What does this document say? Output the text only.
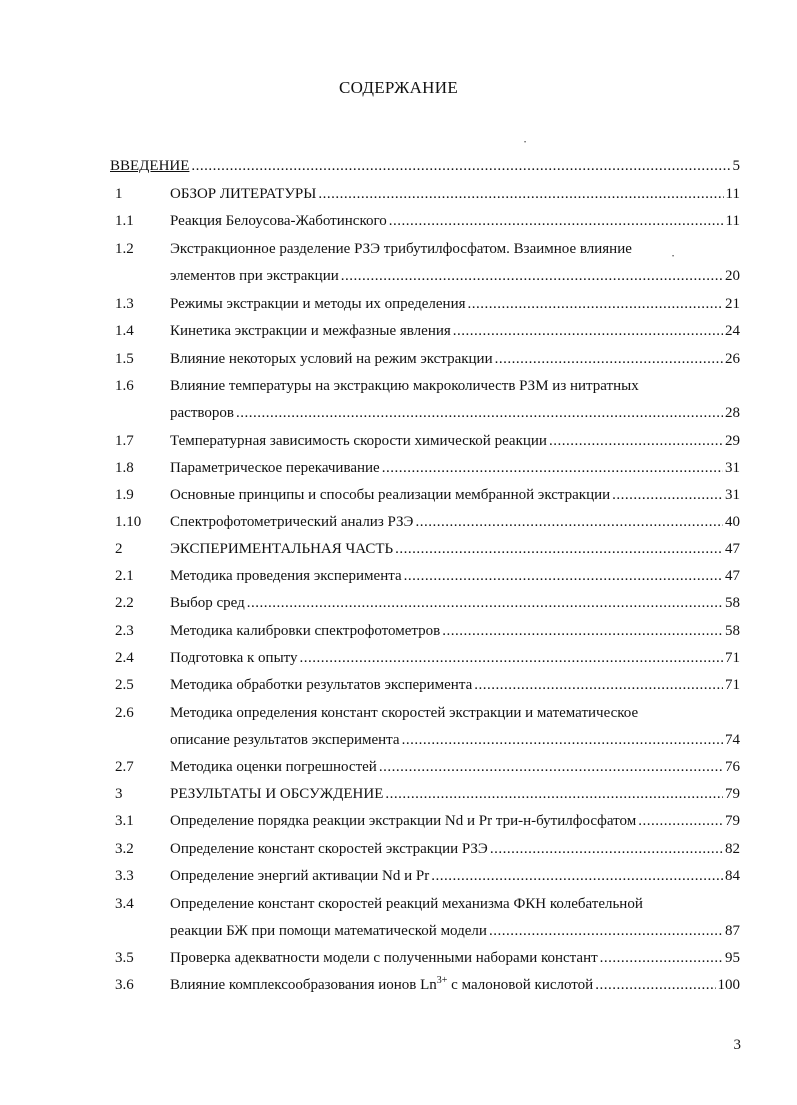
СОДЕРЖАНИЕ
ВВЕДЕНИЕ .....	5
1	ОБЗОР ЛИТЕРАТУРЫ .....	11
1.1 Реакция Белоусова-Жаботинского .....	11
1.2 Экстракционное разделение РЗЭ трибутилфосфатом. Взаимное влияние
элементов при экстракции .....	20
1.3 Режимы экстракции и методы их определения .....	21
1.4 Кинетика экстракции и межфазные явления .....	24
1.5 Влияние некоторых условий на режим экстракции .....	26
1.6 Влияние температуры на экстракцию макроколичеств РЗМ из нитратных
растворов .....	28
1.7 Температурная зависимость скорости химической реакции .....	29
1.8 Параметрическое перекачивание .....	31
1.9 Основные принципы и способы реализации мембранной экстракции .....	31
1.10 Спектрофотометрический анализ РЗЭ .....	40
2	ЭКСПЕРИМЕНТАЛЬНАЯ ЧАСТЬ .....	47
2.1 Методика проведения эксперимента .....	47
2.2 Выбор сред .....	58
2.3 Методика калибровки спектрофотометров .....	58
2.4 Подготовка к опыту .....	71
2.5 Методика обработки результатов эксперимента .....	71
2.6 Методика определения констант скоростей экстракции и математическое
описание результатов эксперимента .....	74
2.7 Методика оценки погрешностей .....	76
3	РЕЗУЛЬТАТЫ И ОБСУЖДЕНИЕ .....	79
3.1 Определение порядка реакции экстракции Nd и Pr три-н-бутилфосфатом .....	79
3.2 Определение констант скоростей экстракции РЗЭ .....	82
3.3 Определение энергий активации Nd и Pr .....	84
3.4 Определение констант скоростей реакций механизма ФКН колебательной
реакции БЖ при помощи математической модели .....	87
3.5 Проверка адекватности модели с полученными наборами констант .....	95
3.6 Влияние комплексообразования ионов $Ln^{3+}$ с малоновой кислотой .....	100
•
•
3
